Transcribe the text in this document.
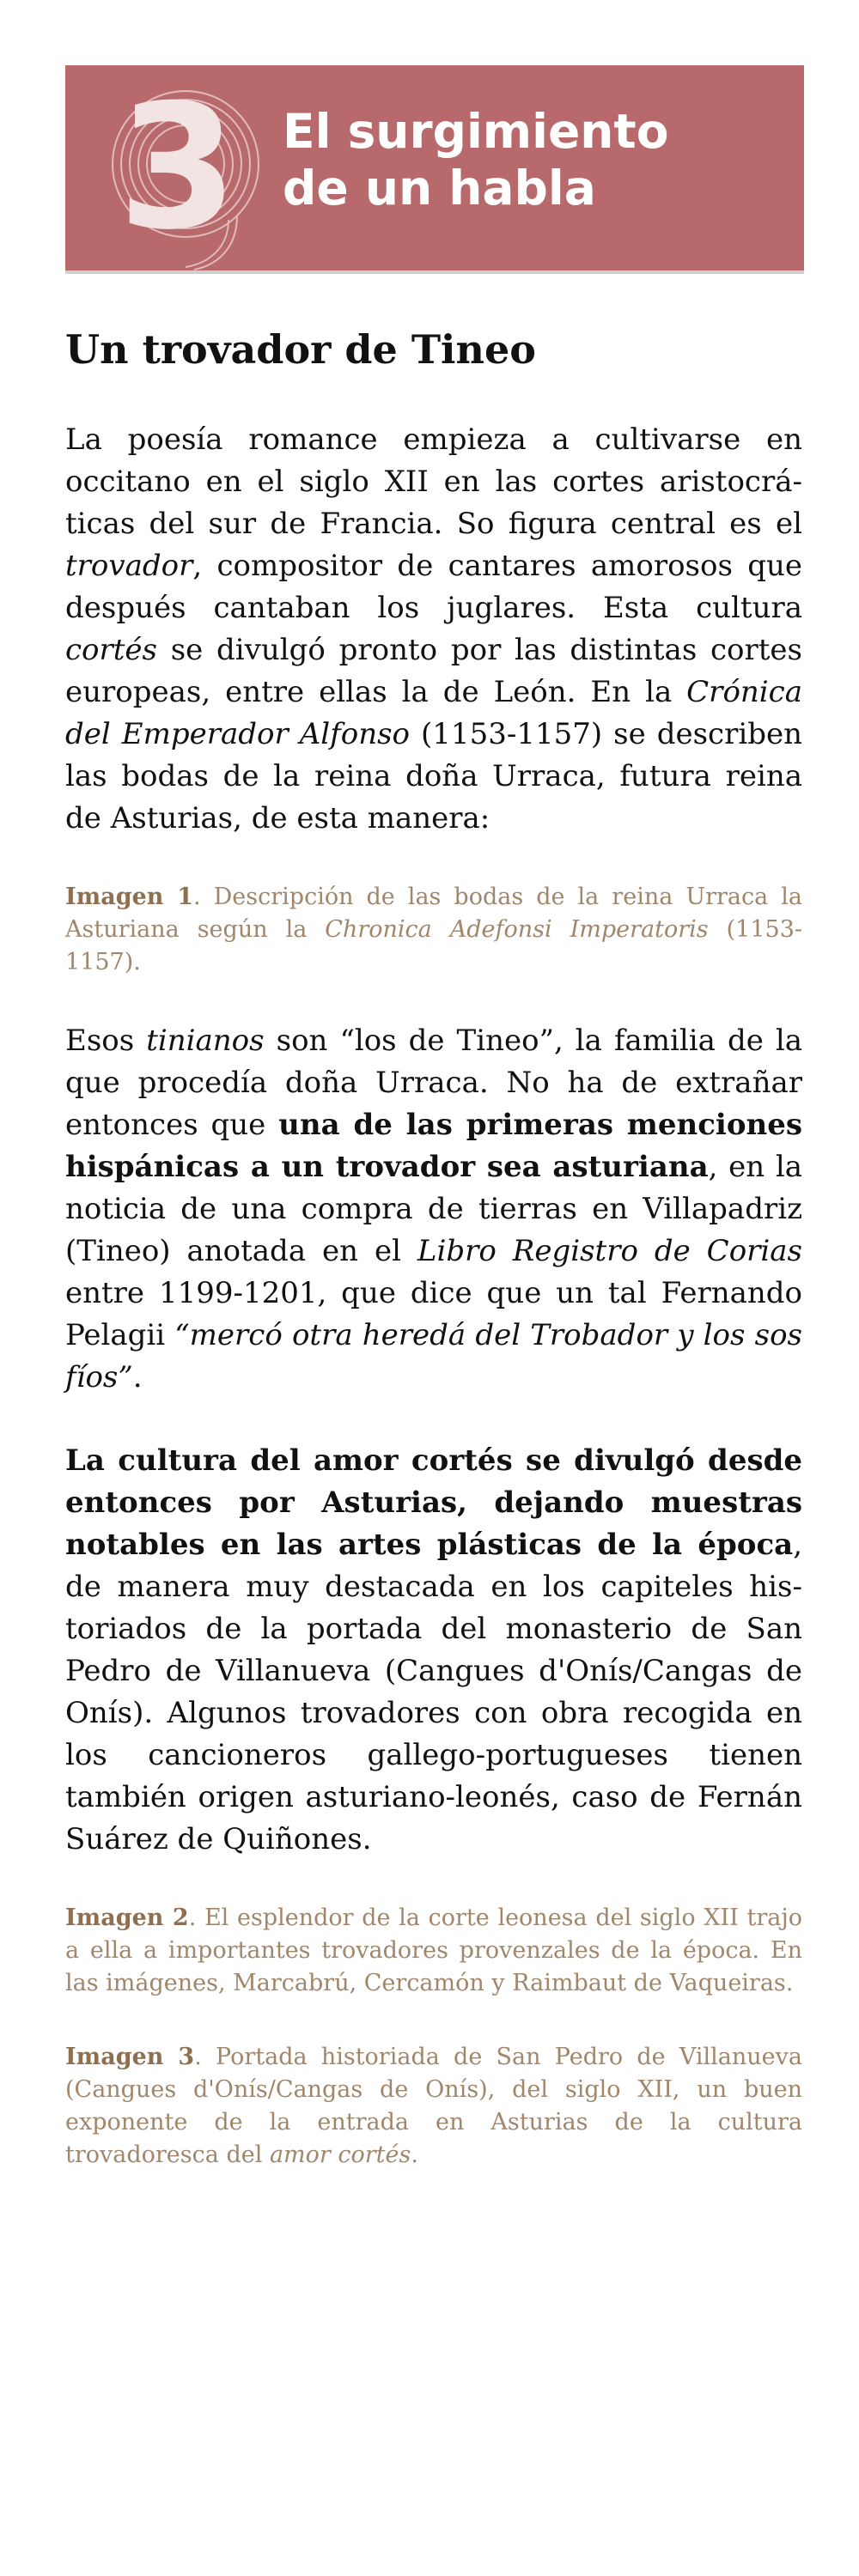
3 El surgimiento
de un habla
Un trovador de Tineo

La poesía romance empieza a cultivarse en occitano en el siglo XII en las cortes aristocráticas del sur de Francia. So figura central es el trovador, compositor de cantares amorosos que después cantaban los juglares. Esta cultura cortés se divulgó pronto por las distintas cortes europeas, entre ellas la de León. En la Crónica del Emperador Alfonso (1153-1157) se describen las bodas de la reina doña Urraca, futura reina de Asturias, de esta manera:

Imagen 1. Descripción de las bodas de la reina Urraca la Asturiana según la Chronica Adefonsi Imperatoris (1153-1157).

Esos tinianos son “los de Tineo”, la familia de la que procedía doña Urraca. No ha de extrañar entonces que una de las primeras menciones hispánicas a un trovador sea asturiana, en la noticia de una compra de tierras en Villapadriz (Tineo) anotada en el Libro Registro de Corias entre 1199-1201, que dice que un tal Fernando Pelagii “mercó otra heredá del Trobador y los sos fíos”.

La cultura del amor cortés se divulgó desde entonces por Asturias, dejando muestras notables en las artes plásticas de la época, de manera muy destacada en los capiteles historiados de la portada del monasterio de San Pedro de Villanueva (Cangues d'Onís/Cangas de Onís). Algunos trovadores con obra recogida en los cancioneros gallego-portugueses tienen también origen asturiano-leonés, caso de Fernán Suárez de Quiñones.

Imagen 2. El esplendor de la corte leonesa del siglo XII trajo a ella a importantes trovadores provenzales de la época. En las imágenes, Marcabrú, Cercamón y Raimbaut de Vaqueiras.

Imagen 3. Portada historiada de San Pedro de Villanueva (Cangues d'Onís/Cangas de Onís), del siglo XII, un buen exponente de la entrada en Asturias de la cultura trovadoresca del amor cortés.
